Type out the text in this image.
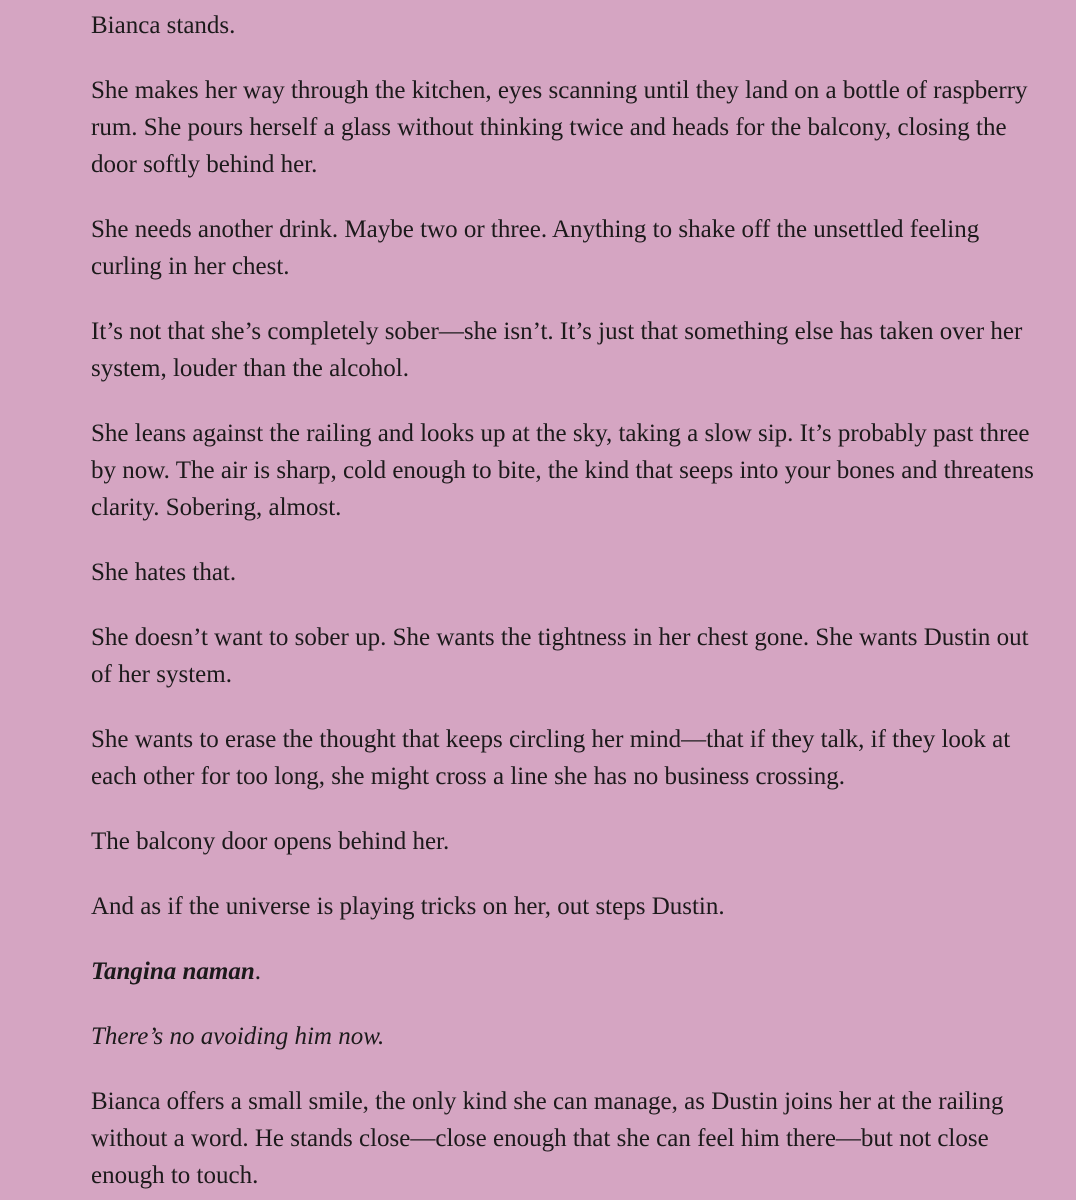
Bianca stands.

She makes her way through the kitchen, eyes scanning until they land on a bottle of raspberry rum. She pours herself a glass without thinking twice and heads for the balcony, closing the door softly behind her.

She needs another drink. Maybe two or three. Anything to shake off the unsettled feeling curling in her chest.

It’s not that she’s completely sober—she isn’t. It’s just that something else has taken over her system, louder than the alcohol.

She leans against the railing and looks up at the sky, taking a slow sip. It’s probably past three by now. The air is sharp, cold enough to bite, the kind that seeps into your bones and threatens clarity. Sobering, almost.

She hates that.

She doesn’t want to sober up. She wants the tightness in her chest gone. She wants Dustin out of her system.

She wants to erase the thought that keeps circling her mind—that if they talk, if they look at each other for too long, she might cross a line she has no business crossing.

The balcony door opens behind her.

And as if the universe is playing tricks on her, out steps Dustin.

Tangina naman.

There’s no avoiding him now.

Bianca offers a small smile, the only kind she can manage, as Dustin joins her at the railing without a word. He stands close—close enough that she can feel him there—but not close enough to touch.
